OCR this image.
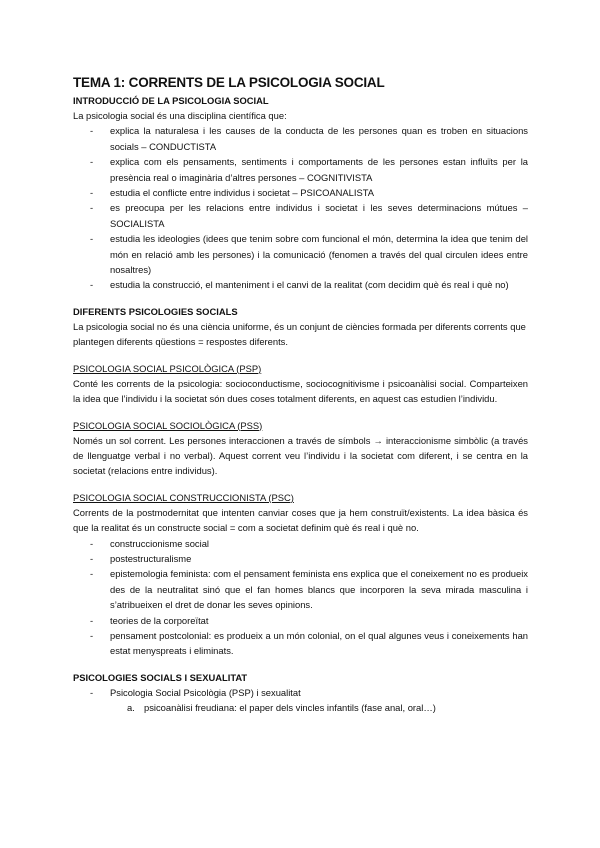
TEMA 1: CORRENTS DE LA PSICOLOGIA SOCIAL

INTRODUCCIÓ DE LA PSICOLOGIA SOCIAL

La psicologia social és una disciplina científica que:

- explica la naturalesa i les causes de la conducta de les persones quan es troben en situacions socials – CONDUCTISTA
- explica com els pensaments, sentiments i comportaments de les persones estan influïts per la presència real o imaginària d’altres persones – COGNITIVISTA
- estudia el conflicte entre individus i societat – PSICOANALISTA
- es preocupa per les relacions entre individus i societat i les seves determinacions mútues – SOCIALISTA
- estudia les ideologies (idees que tenim sobre com funcional el món, determina la idea que tenim del món en relació amb les persones) i la comunicació (fenomen a través del qual circulen idees entre nosaltres)
- estudia la construcció, el manteniment i el canvi de la realitat (com decidim què és real i què no)

DIFERENTS PSICOLOGIES SOCIALS

La psicologia social no és una ciència uniforme, és un conjunt de ciències formada per diferents corrents que plantegen diferents qüestions = respostes diferents.

PSICOLOGIA SOCIAL PSICOLÒGICA (PSP)

Conté les corrents de la psicologia: socioconductisme, sociocognitivisme i psicoanàlisi social. Comparteixen la idea que l’individu i la societat són dues coses totalment diferents, en aquest cas estudien l’individu.

PSICOLOGIA SOCIAL SOCIOLÒGICA (PSS)

Només un sol corrent. Les persones interaccionen a través de símbols → interaccionisme simbòlic (a través de llenguatge verbal i no verbal). Aquest corrent veu l’individu i la societat com diferent, i se centra en la societat (relacions entre individus).

PSICOLOGIA SOCIAL CONSTRUCCIONISTA (PSC)

Corrents de la postmodernitat que intenten canviar coses que ja hem construït/existents. La idea bàsica és que la realitat és un constructe social = com a societat definim què és real i què no.

- construccionisme social
- postestructuralisme
- epistemologia feminista: com el pensament feminista ens explica que el coneixement no es produeix des de la neutralitat sinó que el fan homes blancs que incorporen la seva mirada masculina i s’atribueixen el dret de donar les seves opinions.
- teories de la corporeïtat
- pensament postcolonial: es produeix a un món colonial, on el qual algunes veus i coneixements han estat menyspreats i eliminats.

PSICOLOGIES SOCIALS I SEXUALITAT

- Psicologia Social Psicològia (PSP) i sexualitat
a. psicoanàlisi freudiana: el paper dels vincles infantils (fase anal, oral…)
